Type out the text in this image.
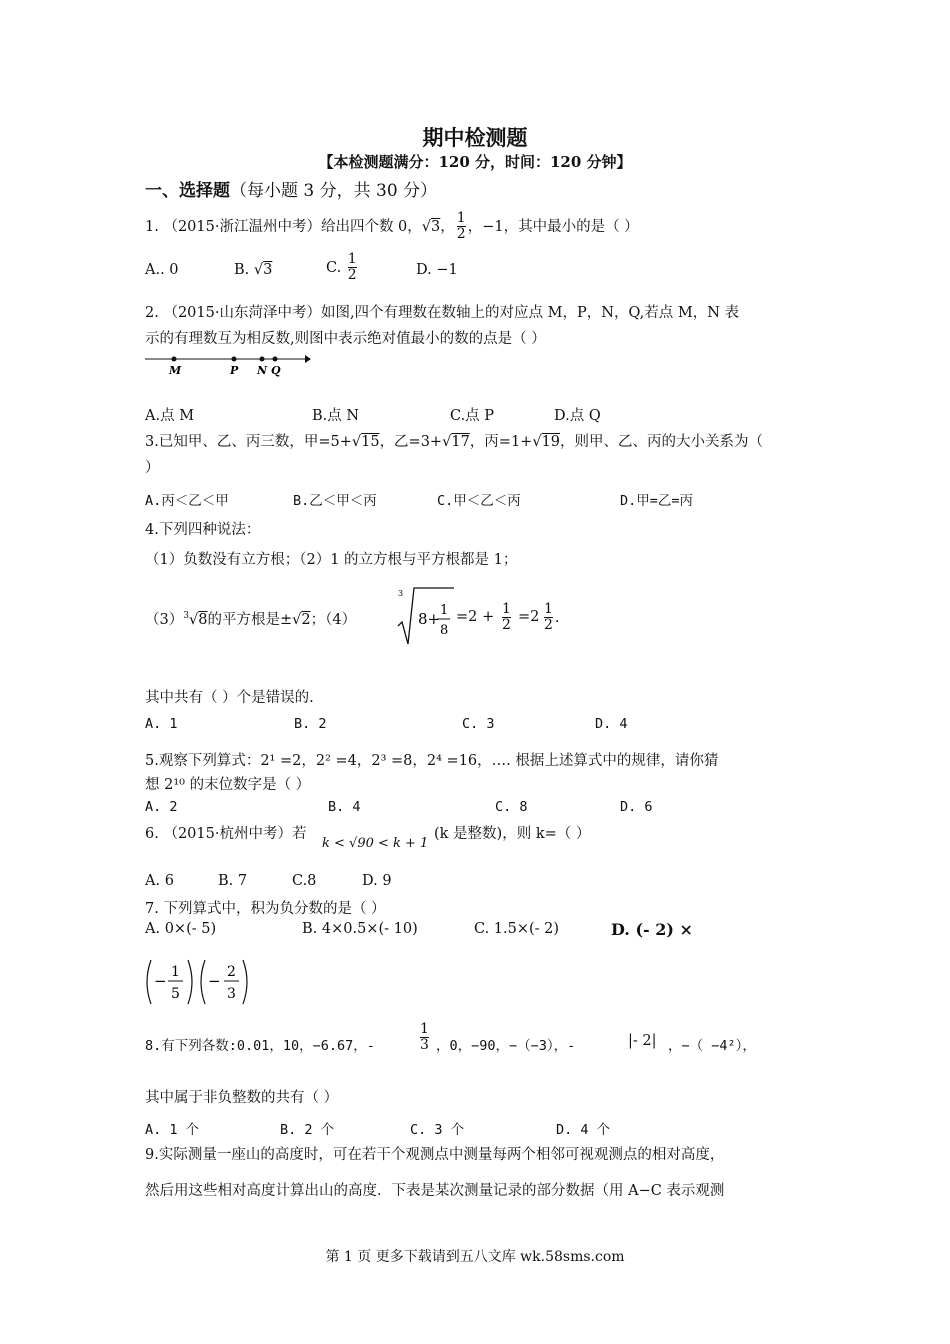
期中检测题
【本检测题满分：120 分，时间：120 分钟】
一、选择题（每小题 3 分，共 30 分）
1. （2015·浙江温州中考）给出四个数 0，√3， $\frac{1}{2}$ ，−1，其中最小的是（ ）
A.. 0	B. √3	C. $\frac{1}{2}$	D. −1
2. （2015·山东菏泽中考）如图,四个有理数在数轴上的对应点 M，P，N，Q,若点 M，N 表
示的有理数互为相反数,则图中表示绝对值最小的数的点是（ ）
M	P N Q
A.点 M	B.点 N	C.点 P	D.点 Q
3.已知甲、乙、丙三数，甲=5+√15，乙=3+√17，丙=1+√19，则甲、乙、丙的大小关系为（
）
A.丙＜乙＜甲	B.乙＜甲＜丙	C.甲＜乙＜丙	D.甲=乙=丙
4.下列四种说法：
（1）负数没有立方根；（2）1 的立方根与平方根都是 1；
$(3)^3√8$的平方根是±√2；（4）
3
8+ 1
8
$=2 + \frac{1}{2} =2 \frac{1}{2}$ .
其中共有（ ）个是错误的.
A. 1	B. 2	C. 3	D. 4
5.观察下列算式：2¹ =2，2² =4，2³ =8，2⁴ =16，…. 根据上述算式中的规律，请你猜
想 2¹⁰ 的末位数字是（ ）
A. 2	B. 4	C. 8	D. 6
6. （2015·杭州中考）若
k < √90 < k + 1
(k 是整数)，则 k=（ ）
A. 6	B. 7	C.8	D. 9
7. 下列算式中，积为负分数的是（ ）
A. 0×(- 5)	B. 4×0.5×(- 10)	C. 1.5×(- 2)	D. (- 2) ×
− 1
5
− 2
3
8.有下列各数:0.01，10，−6.67，-	$\frac{1}{3}$ ，0，−90，−（−3），-	|- 2| ，−（ −4²），
其中属于非负整数的共有（ ）
A. 1 个	B. 2 个	C. 3 个	D. 4 个
9.实际测量一座山的高度时，可在若干个观测点中测量每两个相邻可视观测点的相对高度，
然后用这些相对高度计算出山的高度．下表是某次测量记录的部分数据（用 A−C 表示观测
第 1 页 更多下载请到五八文库 wk.58sms.com
